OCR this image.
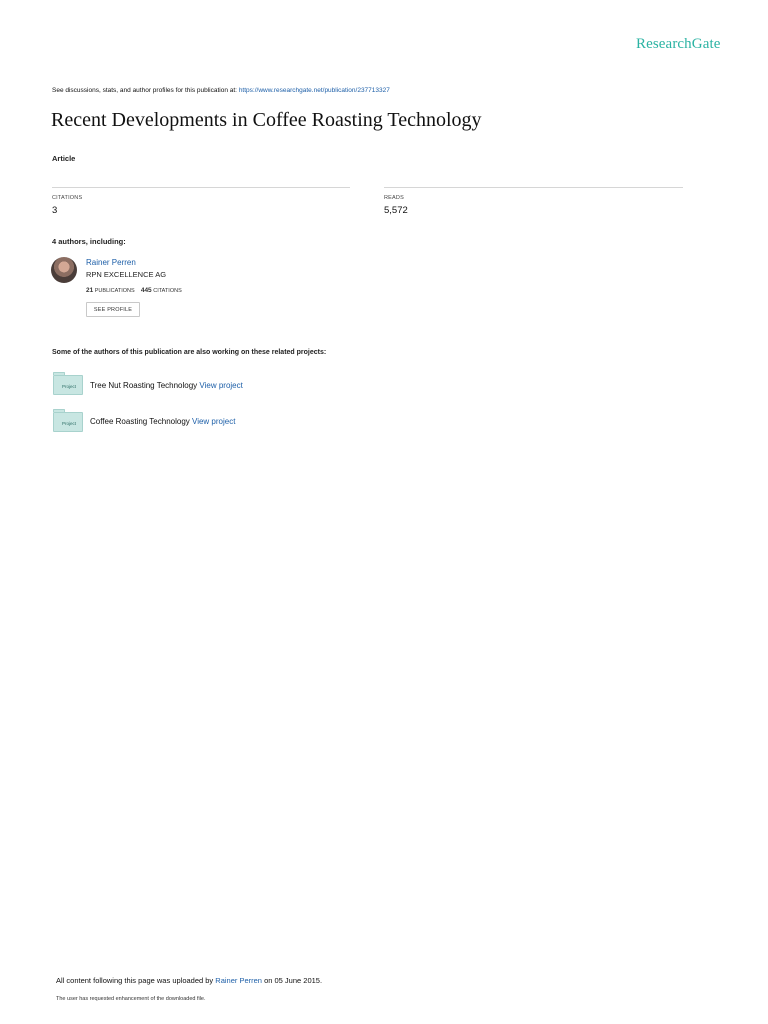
ResearchGate
See discussions, stats, and author profiles for this publication at: https://www.researchgate.net/publication/237713327
Recent Developments in Coffee Roasting Technology
Article
CITATIONS
3
READS
5,572
4 authors, including:
Rainer Perren
RPN EXCELLENCE AG
21 PUBLICATIONS 445 CITATIONS
SEE PROFILE
Some of the authors of this publication are also working on these related projects:
Project	Tree Nut Roasting Technology View project
Project	Coffee Roasting Technology View project
All content following this page was uploaded by Rainer Perren on 05 June 2015.
The user has requested enhancement of the downloaded file.
